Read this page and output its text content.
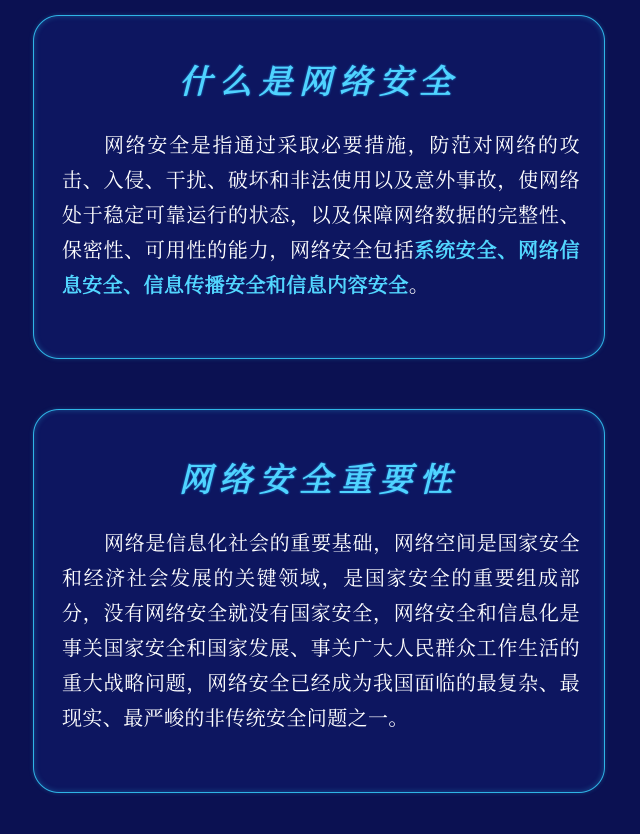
什么是网络安全

网络安全是指通过采取必要措施，防范对网络的攻击、入侵、干扰、破坏和非法使用以及意外事故，使网络处于稳定可靠运行的状态，以及保障网络数据的完整性、保密性、可用性的能力，网络安全包括系统安全、网络信息安全、信息传播安全和信息内容安全。

网络安全重要性

网络是信息化社会的重要基础，网络空间是国家安全和经济社会发展的关键领域，是国家安全的重要组成部分，没有网络安全就没有国家安全，网络安全和信息化是事关国家安全和国家发展、事关广大人民群众工作生活的重大战略问题，网络安全已经成为我国面临的最复杂、最现实、最严峻的非传统安全问题之一。
